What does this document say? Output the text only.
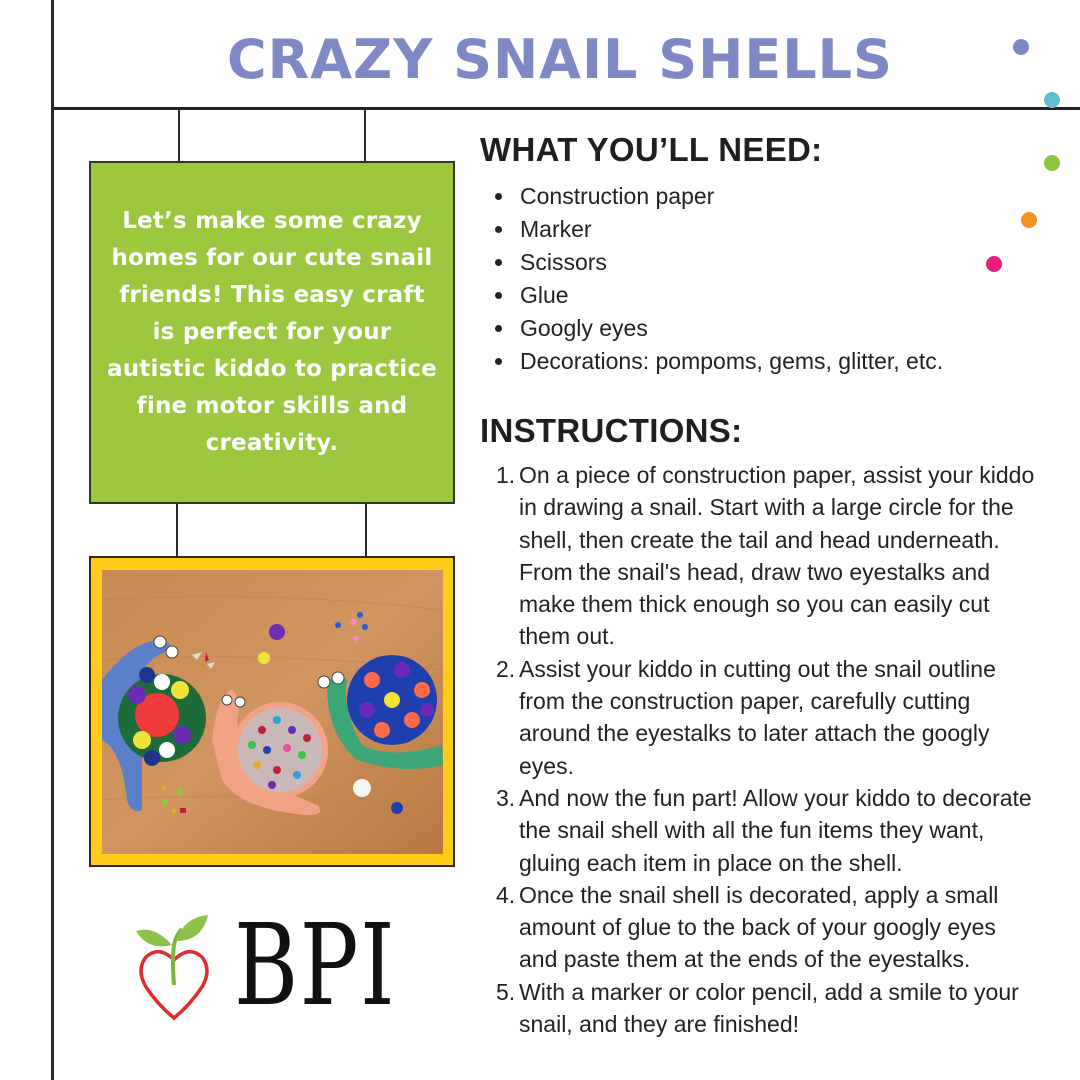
CRAZY SNAIL SHELLS

Let’s make some crazy homes for our cute snail friends! This easy craft is perfect for your autistic kiddo to practice fine motor skills and creativity.

WHAT YOU’LL NEED:
Construction paper
Marker
Scissors
Glue
Googly eyes
Decorations: pompoms, gems, glitter, etc.
INSTRUCTIONS:
1. On a piece of construction paper, assist your kiddo in drawing a snail. Start with a large circle for the shell, then create the tail and head underneath. From the snail's head, draw two eyestalks and make them thick enough so you can easily cut them out.
2. Assist your kiddo in cutting out the snail outline from the construction paper, carefully cutting around the eyestalks to later attach the googly eyes.
3. And now the fun part! Allow your kiddo to decorate the snail shell with all the fun items they want, gluing each item in place on the shell.
4. Once the snail shell is decorated, apply a small amount of glue to the back of your googly eyes and paste them at the ends of the eyestalks.
5. With a marker or color pencil, add a smile to your snail, and they are finished!
BPI
